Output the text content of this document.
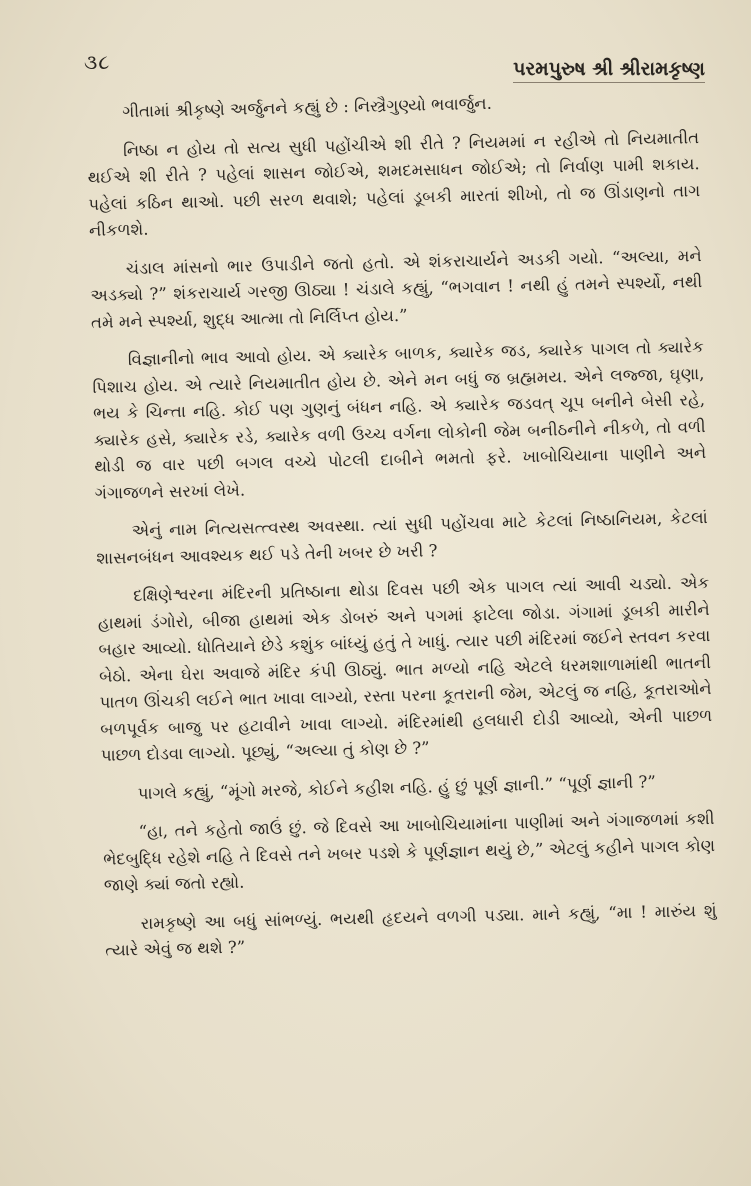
૩૮	પરમપુરુષ શ્રી શ્રીરામકૃષ્ણ

ગીતામાં શ્રીકૃષ્ણે અર્જુનને કહ્યું છે : નિસ્ત્રૈગુણ્યો ભવાર્જુન.

નિષ્ઠા ન હોય તો સત્ય સુધી પહોંચીએ શી રીતે ? નિયમમાં ન રહીએ તો નિયમાતીત થઈએ શી રીતે ? પહેલાં શાસન જોઈએ, શમદમસાધન જોઈએ; તો નિર્વાણ પામી શકાય. પહેલાં કઠિન થાઓ. પછી સરળ થવાશે; પહેલાં ડૂબકી મારતાં શીખો, તો જ ઊંડાણનો તાગ નીકળશે.

ચંડાલ માંસનો ભાર ઉપાડીને જતો હતો. એ શંકરાચાર્યને અડકી ગયો. “અલ્યા, મને અડક્યો ?” શંકરાચાર્ય ગરજી ઊઠ્યા ! ચંડાલે કહ્યું, “ભગવાન ! નથી હું તમને સ્પર્શ્યો, નથી તમે મને સ્પર્શ્યા, શુદ્ધ આત્મા તો નિર્લિપ્ત હોય.”

વિજ્ઞાનીનો ભાવ આવો હોય. એ ક્યારેક બાળક, ક્યારેક જડ, ક્યારેક પાગલ તો ક્યારેક પિશાચ હોય. એ ત્યારે નિયમાતીત હોય છે. એને મન બધું જ બ્રહ્મમય. એને લજ્જા, ઘૃણા, ભય કે ચિન્તા નહિ. કોઈ પણ ગુણનું બંધન નહિ. એ ક્યારેક જડવત્ ચૂપ બનીને બેસી રહે, ક્યારેક હસે, ક્યારેક રડે, ક્યારેક વળી ઉચ્ચ વર્ગના લોકોની જેમ બનીઠનીને નીકળે, તો વળી થોડી જ વાર પછી બગલ વચ્ચે પોટલી દાબીને ભમતો ફરે. ખાબોચિયાના પાણીને અને ગંગાજળને સરખાં લેખે.

એનું નામ નિત્યસત્ત્વસ્થ અવસ્થા. ત્યાં સુધી પહોંચવા માટે કેટલાં નિષ્ઠાનિયમ, કેટલાં શાસનબંધન આવશ્યક થઈ પડે તેની ખબર છે ખરી ?

દક્ષિણેશ્વરના મંદિરની પ્રતિષ્ઠાના થોડા દિવસ પછી એક પાગલ ત્યાં આવી ચડ્યો. એક હાથમાં ડંગોરો, બીજા હાથમાં એક ડોબરું અને પગમાં ફાટેલા જોડા. ગંગામાં ડૂબકી મારીને બહાર આવ્યો. ધોતિયાને છેડે કશુંક બાંધ્યું હતું તે ખાધું. ત્યાર પછી મંદિરમાં જઈને સ્તવન કરવા બેઠો. એના ઘેરા અવાજે મંદિર કંપી ઊઠ્યું. ભાત મળ્યો નહિ એટલે ધરમશાળામાંથી ભાતની પાતળ ઊંચકી લઈને ભાત ખાવા લાગ્યો, રસ્તા પરના કૂતરાની જેમ, એટલું જ નહિ, કૂતરાઓને બળપૂર્વક બાજુ પર હટાવીને ખાવા લાગ્યો. મંદિરમાંથી હલધારી દોડી આવ્યો, એની પાછળ પાછળ દોડવા લાગ્યો. પૂછ્યું, “અલ્યા તું કોણ છે ?”

પાગલે કહ્યું, “મૂંગો મરજે, કોઈને કહીશ નહિ. હું છું પૂર્ણ જ્ઞાની.” “પૂર્ણ જ્ઞાની ?”

“હા, તને કહેતો જાઉં છું. જે દિવસે આ ખાબોચિયામાંના પાણીમાં અને ગંગાજળમાં કશી ભેદબુદ્ધિ રહેશે નહિ તે દિવસે તને ખબર પડશે કે પૂર્ણજ્ઞાન થયું છે,” એટલું કહીને પાગલ કોણ જાણે ક્યાં જતો રહ્યો.

રામકૃષ્ણે આ બધું સાંભળ્યું. ભયથી હૃદયને વળગી પડ્યા. માને કહ્યું, “મા ! મારુંય શું ત્યારે એવું જ થશે ?”
